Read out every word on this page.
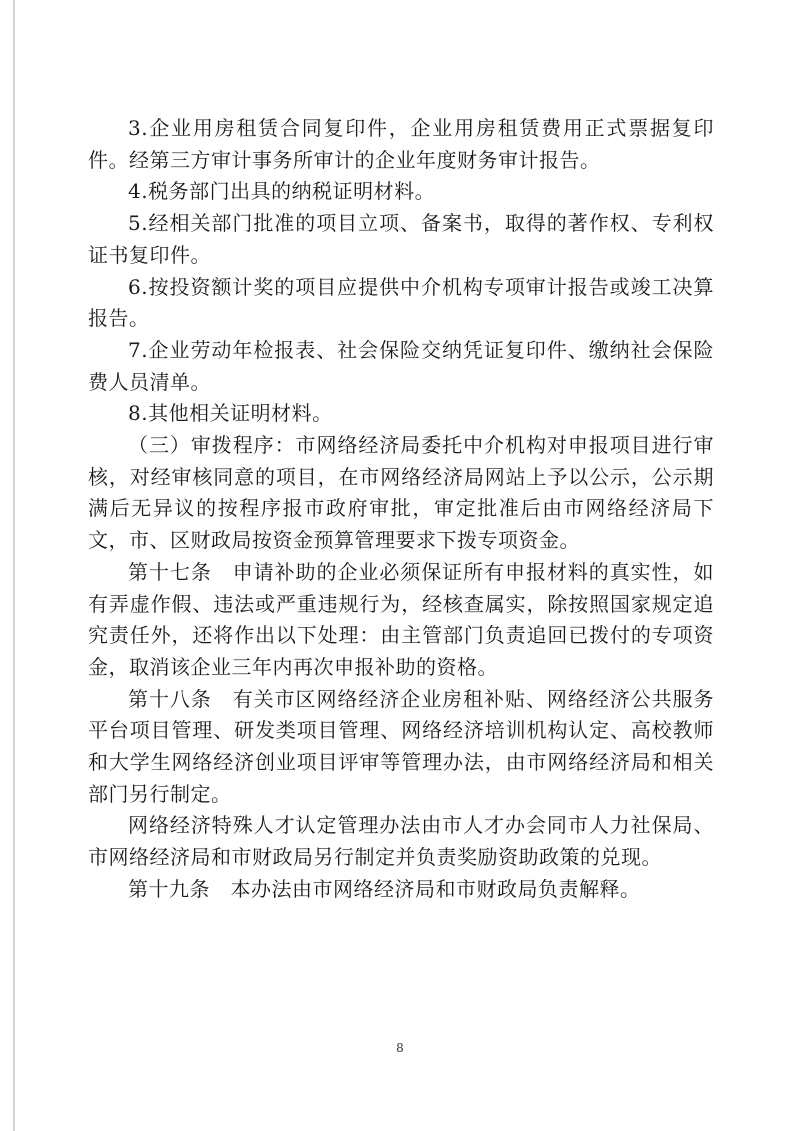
3.企业用房租赁合同复印件，企业用房租赁费用正式票据复印件。经第三方审计事务所审计的企业年度财务审计报告。

4.税务部门出具的纳税证明材料。

5.经相关部门批准的项目立项、备案书，取得的著作权、专利权证书复印件。

6.按投资额计奖的项目应提供中介机构专项审计报告或竣工决算报告。

7.企业劳动年检报表、社会保险交纳凭证复印件、缴纳社会保险费人员清单。

8.其他相关证明材料。

（三）审拨程序：市网络经济局委托中介机构对申报项目进行审核，对经审核同意的项目，在市网络经济局网站上予以公示，公示期满后无异议的按程序报市政府审批，审定批准后由市网络经济局下文，市、区财政局按资金预算管理要求下拨专项资金。

第十七条　申请补助的企业必须保证所有申报材料的真实性，如有弄虚作假、违法或严重违规行为，经核查属实，除按照国家规定追究责任外，还将作出以下处理：由主管部门负责追回已拨付的专项资金，取消该企业三年内再次申报补助的资格。

第十八条　有关市区网络经济企业房租补贴、网络经济公共服务平台项目管理、研发类项目管理、网络经济培训机构认定、高校教师和大学生网络经济创业项目评审等管理办法，由市网络经济局和相关部门另行制定。

网络经济特殊人才认定管理办法由市人才办会同市人力社保局、市网络经济局和市财政局另行制定并负责奖励资助政策的兑现。

第十九条　本办法由市网络经济局和市财政局负责解释。

8
